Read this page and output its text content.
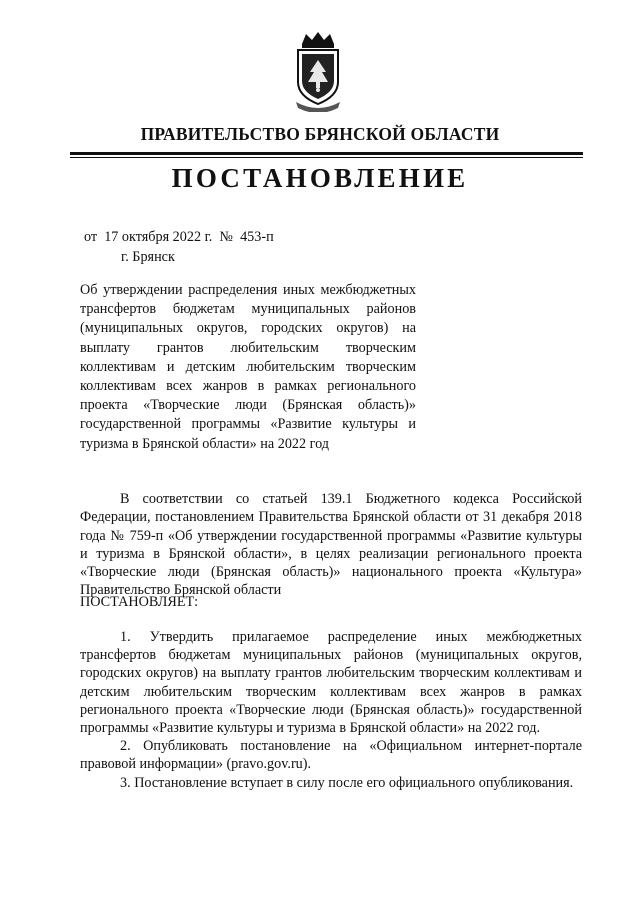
ПРАВИТЕЛЬСТВО БРЯНСКОЙ ОБЛАСТИ
ПОСТАНОВЛЕНИЕ
от  17 октября 2022 г.  №  453-п
г. Брянск
Об утверждении распределения иных межбюджетных трансфертов бюджетам муниципальных районов (муниципальных округов, городских округов) на выплату грантов любительским творческим коллективам и детским любительским творческим коллективам всех жанров в рамках регионального проекта «Творческие люди (Брянская область)» государственной программы «Развитие культуры и туризма в Брянской области» на 2022 год
В соответствии со статьей 139.1 Бюджетного кодекса Российской Федерации, постановлением Правительства Брянской области от 31 декабря 2018 года № 759-п «Об утверждении государственной программы «Развитие культуры и туризма в Брянской области», в целях реализации регионального проекта «Творческие люди (Брянская область)» национального проекта «Культура» Правительство Брянской области
ПОСТАНОВЛЯЕТ:

1. Утвердить прилагаемое распределение иных межбюджетных трансфертов бюджетам муниципальных районов (муниципальных округов, городских округов) на выплату грантов любительским творческим коллективам и детским любительским творческим коллективам всех жанров в рамках регионального проекта «Творческие люди (Брянская область)» государственной программы «Развитие культуры и туризма в Брянской области» на 2022 год.

2. Опубликовать постановление на «Официальном интернет-портале правовой информации» (pravo.gov.ru).

3. Постановление вступает в силу после его официального опубликования.
